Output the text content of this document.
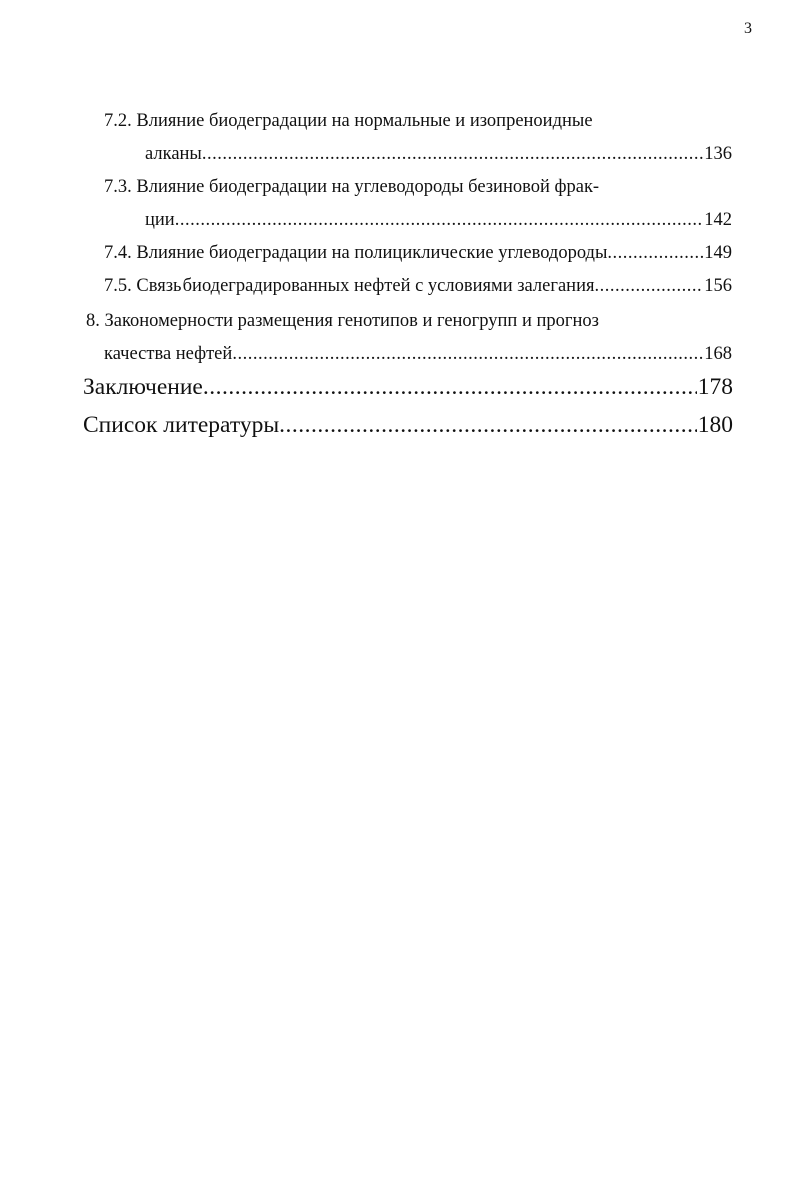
3
7.2. Влияние биодеградации на нормальные и изопреноидные
алканы .....	136
7.3. Влияние биодеградации на углеводороды безиновой фрак-
ции .....	142
7.4. Влияние биодеградации на полициклические углеводороды .....	149
7.5. Связь биодеградированных нефтей с условиями залегания .....	156
8. Закономерности размещения генотипов и геногрупп и прогноз
качества нефтей .....	168
Заключение .....	178
Список литературы .....	180
